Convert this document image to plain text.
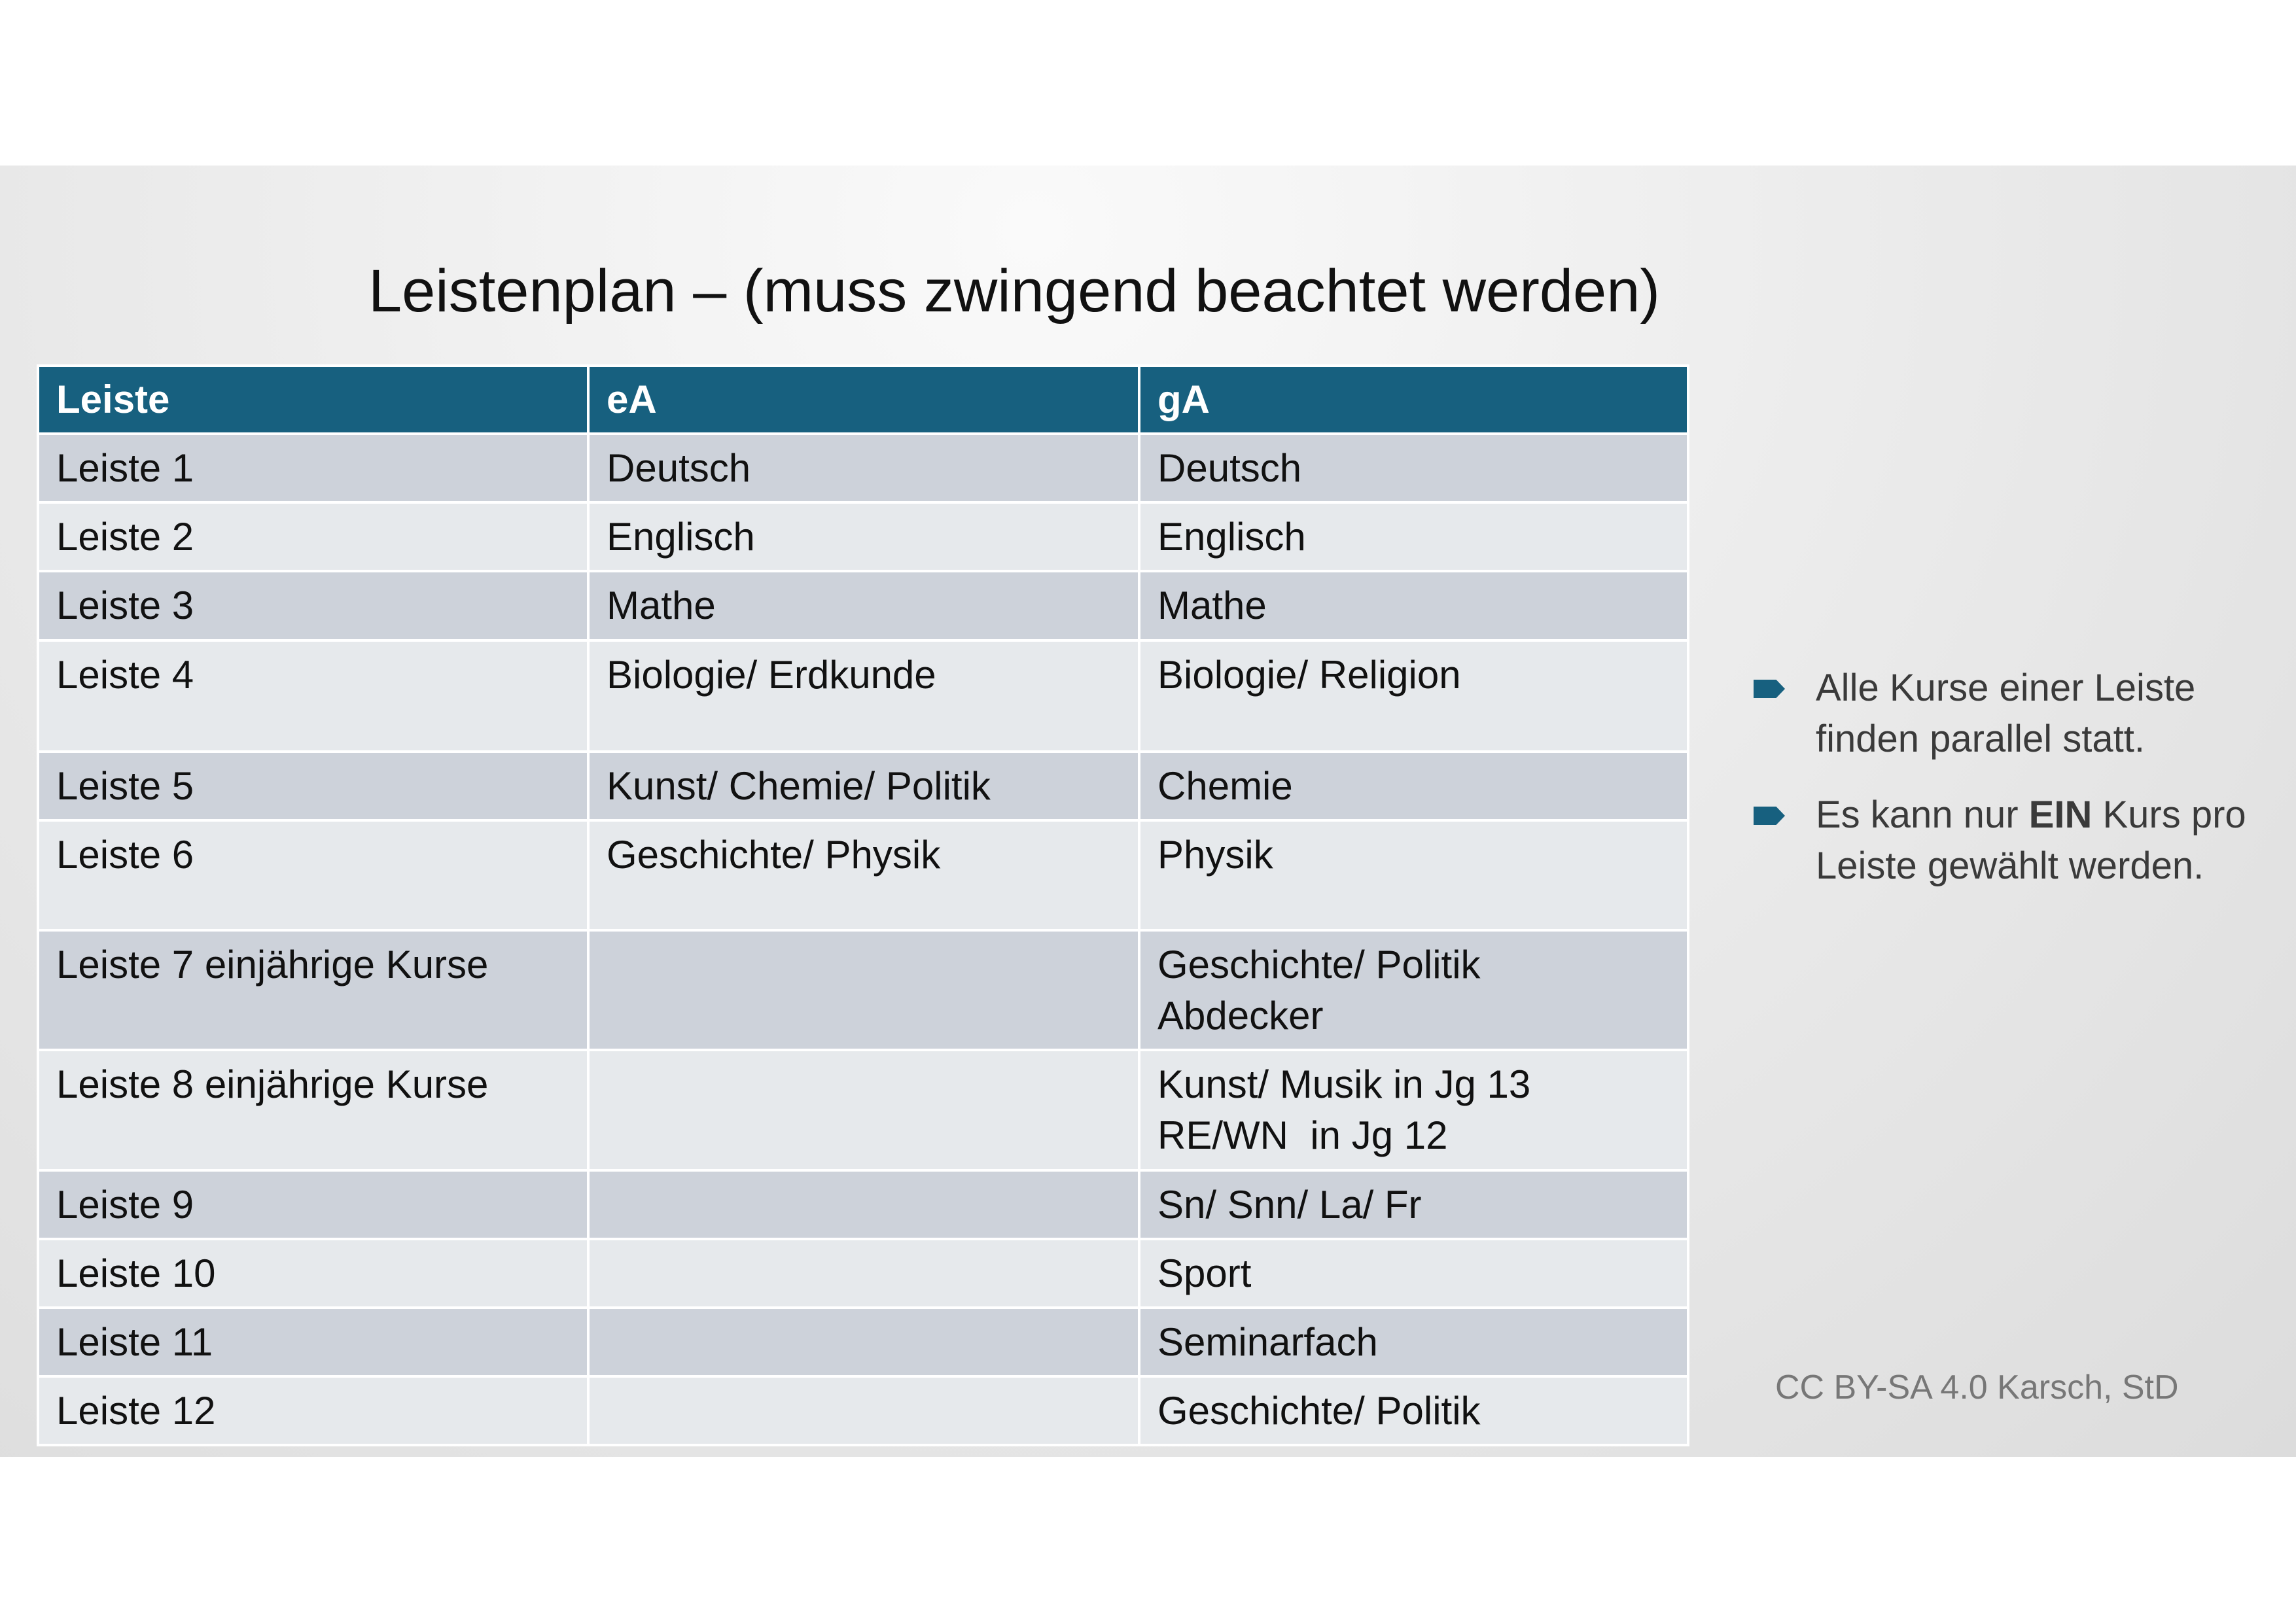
Leistenplan – (muss zwingend beachtet werden)
Leiste	eA	gA

Leiste 1	Deutsch	Deutsch

Leiste 2	Englisch	Englisch

Leiste 3	Mathe	Mathe

Leiste 4	Biologie/ Erdkunde	Biologie/ Religion

Leiste 5	Kunst/ Chemie/ Politik	Chemie

Leiste 6	Geschichte/ Physik	Physik

Leiste 7 einjährige Kurse		Geschichte/ Politik
Abdecker

Leiste 8 einjährige Kurse		Kunst/ Musik in Jg 13
RE/WN  in Jg 12

Leiste 9		Sn/ Snn/ La/ Fr

Leiste 10		Sport

Leiste 11		Seminarfach

Leiste 12		Geschichte/ Politik
Alle Kurse einer Leiste finden parallel statt.
Es kann nur EIN Kurs pro Leiste gewählt werden.
CC BY-SA 4.0 Karsch, StD
